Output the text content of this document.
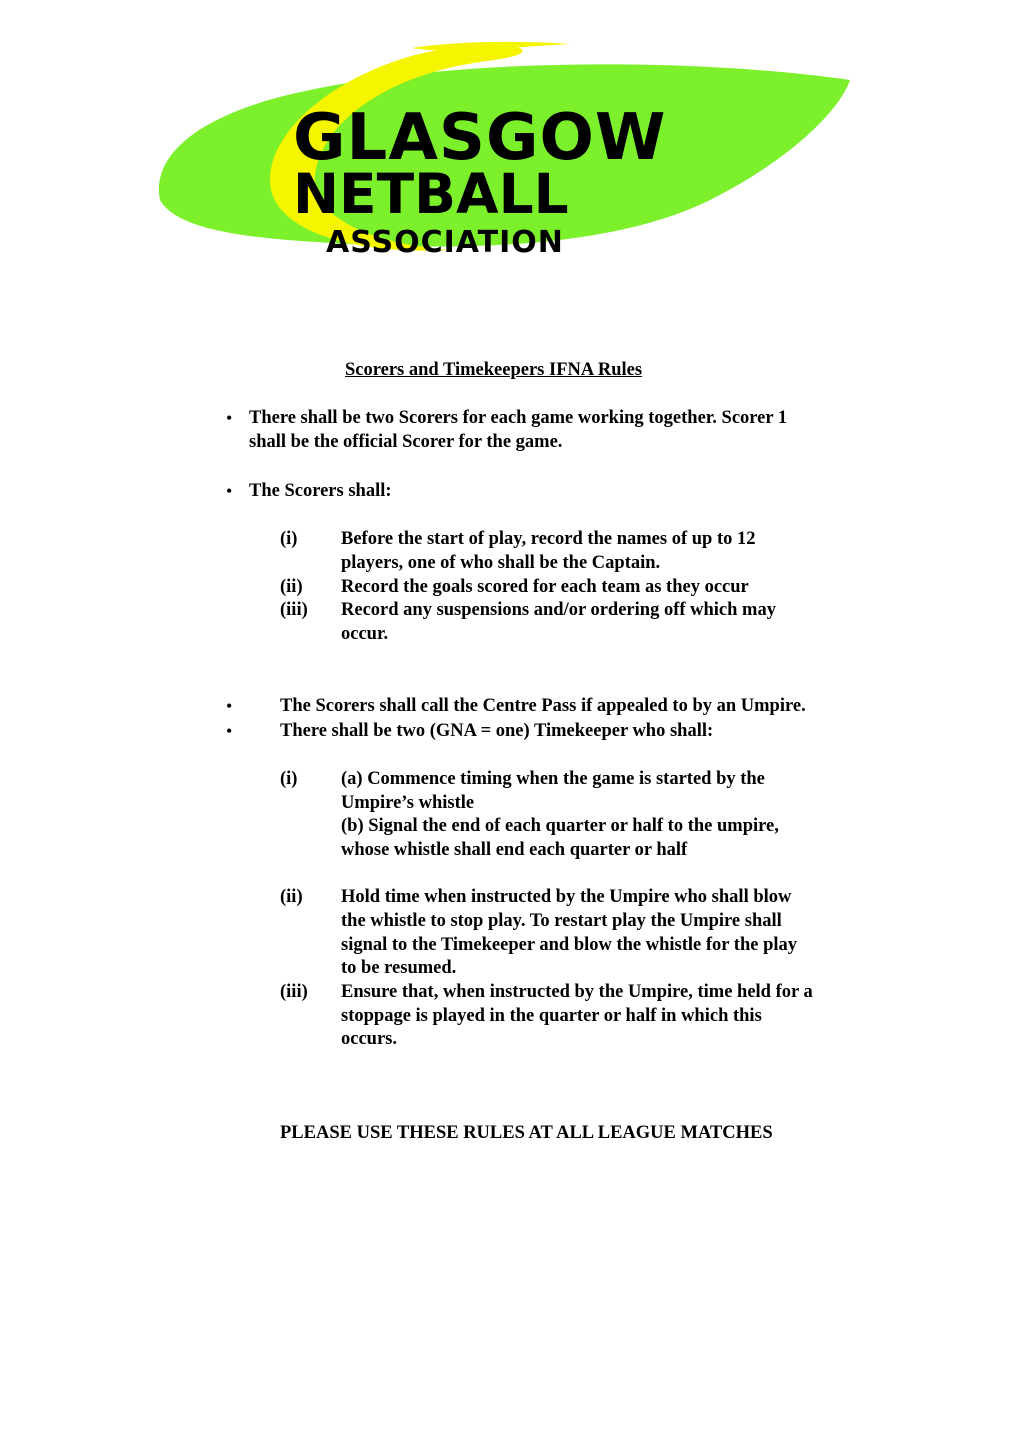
GLASGOW
NETBALL
ASSOCIATION
Scorers and Timekeepers IFNA Rules
• There shall be two Scorers for each game working together. Scorer 1
shall be the official Scorer for the game.
• The Scorers shall:
(i) Before the start of play, record the names of up to 12
players, one of who shall be the Captain.
(ii) Record the goals scored for each team as they occur
(iii) Record any suspensions and/or ordering off which may
occur.
•	The Scorers shall call the Centre Pass if appealed to by an Umpire.
•	There shall be two (GNA = one) Timekeeper who shall:
(i) (a) Commence timing when the game is started by the
Umpire’s whistle
(b) Signal the end of each quarter or half to the umpire,
whose whistle shall end each quarter or half
(ii) Hold time when instructed by the Umpire who shall blow
the whistle to stop play. To restart play the Umpire shall
signal to the Timekeeper and blow the whistle for the play
to be resumed.
(iii) Ensure that, when instructed by the Umpire, time held for a
stoppage is played in the quarter or half in which this
occurs.
PLEASE USE THESE RULES AT ALL LEAGUE MATCHES
